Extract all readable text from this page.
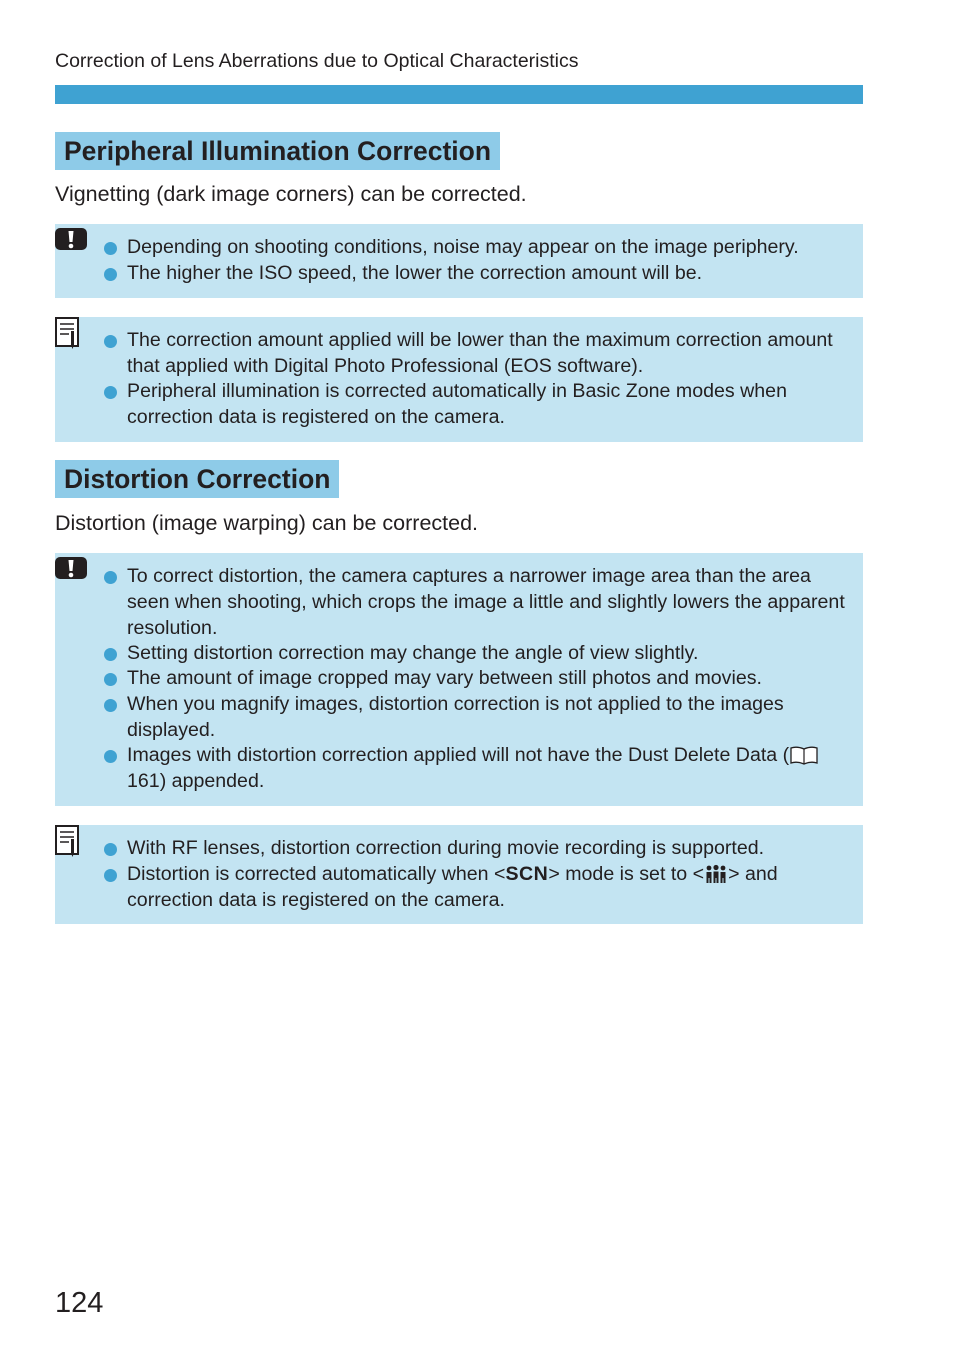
Correction of Lens Aberrations due to Optical Characteristics
Peripheral Illumination Correction
Vignetting (dark image corners) can be corrected.
Depending on shooting conditions, noise may appear on the image periphery.
The higher the ISO speed, the lower the correction amount will be.
The correction amount applied will be lower than the maximum correction amount that applied with Digital Photo Professional (EOS software).
Peripheral illumination is corrected automatically in Basic Zone modes when correction data is registered on the camera.
Distortion Correction
Distortion (image warping) can be corrected.
To correct distortion, the camera captures a narrower image area than the area seen when shooting, which crops the image a little and slightly lowers the apparent resolution.
Setting distortion correction may change the angle of view slightly.
The amount of image cropped may vary between still photos and movies.
When you magnify images, distortion correction is not applied to the images displayed.
Images with distortion correction applied will not have the Dust Delete Data (161) appended.
With RF lenses, distortion correction during movie recording is supported.
Distortion is corrected automatically when <SCN> mode is set to < > and correction data is registered on the camera.
124
